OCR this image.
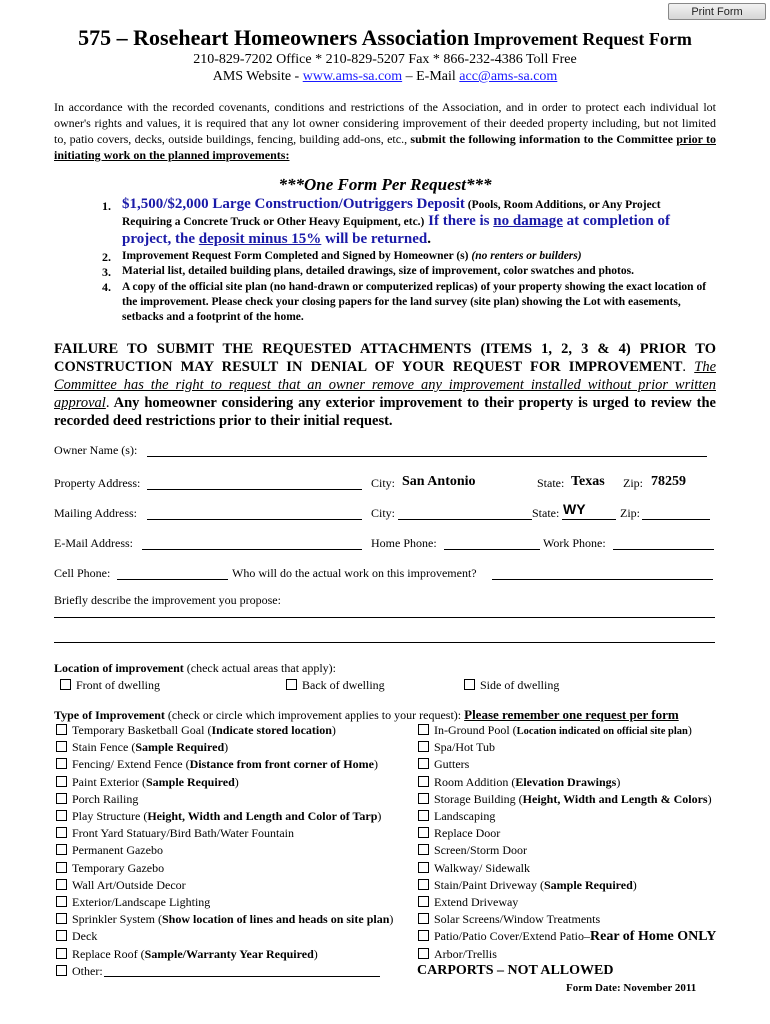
Print Form
575 – Roseheart Homeowners Association Improvement Request Form
210-829-7202 Office * 210-829-5207 Fax * 866-232-4386 Toll Free
AMS Website - www.ams-sa.com – E-Mail acc@ams-sa.com
In accordance with the recorded covenants, conditions and restrictions of the Association, and in order to protect each individual lot owner's rights and values, it is required that any lot owner considering improvement of their deeded property including, but not limited to, patio covers, decks, outside buildings, fencing, building add-ons, etc., submit the following information to the Committee prior to initiating work on the planned improvements:
***One Form Per Request***
1. $1,500/$2,000 Large Construction/Outriggers Deposit (Pools, Room Additions, or Any Project
Requiring a Concrete Truck or Other Heavy Equipment, etc.) If there is no damage at completion of
project, the deposit minus 15% will be returned.
2. Improvement Request Form Completed and Signed by Homeowner (s) (no renters or builders)
3. Material list, detailed building plans, detailed drawings, size of improvement, color swatches and photos.
4. A copy of the official site plan (no hand-drawn or computerized replicas) of your property showing the exact location of the improvement. Please check your closing papers for the land survey (site plan) showing the Lot with easements, setbacks and a footprint of the home.
FAILURE TO SUBMIT THE REQUESTED ATTACHMENTS (ITEMS 1, 2, 3 & 4) PRIOR TO CONSTRUCTION MAY RESULT IN DENIAL OF YOUR REQUEST FOR IMPROVEMENT. The Committee has the right to request that an owner remove any improvement installed without prior written approval. Any homeowner considering any exterior improvement to their property is urged to review the recorded deed restrictions prior to their initial request.
Owner Name (s):
Property Address:	City: San Antonio	State: Texas Zip: 78259
Mailing Address:	City:	State: WY	Zip:
E-Mail Address:	Home Phone:	Work Phone:
Cell Phone:	Who will do the actual work on this improvement?
Briefly describe the improvement you propose:
Location of improvement (check actual areas that apply):
Front of dwelling	Back of dwelling	Side of dwelling
Type of Improvement (check or circle which improvement applies to your request): Please remember one request per form
Temporary Basketball Goal (Indicate stored location)
Stain Fence (Sample Required)
Fencing/ Extend Fence (Distance from front corner of Home)
Paint Exterior (Sample Required)
Porch Railing
Play Structure (Height, Width and Length and Color of Tarp)
Front Yard Statuary/Bird Bath/Water Fountain
Permanent Gazebo
Temporary Gazebo
Wall Art/Outside Decor
Exterior/Landscape Lighting
Sprinkler System (Show location of lines and heads on site plan)
Deck
Replace Roof (Sample/Warranty Year Required)
Other:
In-Ground Pool (Location indicated on official site plan)
Spa/Hot Tub
Gutters
Room Addition (Elevation Drawings)
Storage Building (Height, Width and Length & Colors)
Landscaping
Replace Door
Screen/Storm Door
Walkway/ Sidewalk
Stain/Paint Driveway (Sample Required)
Extend Driveway
Solar Screens/Window Treatments
Patio/Patio Cover/Extend Patio–Rear of Home ONLY
Arbor/Trellis
CARPORTS – NOT ALLOWED
Form Date: November 2011
